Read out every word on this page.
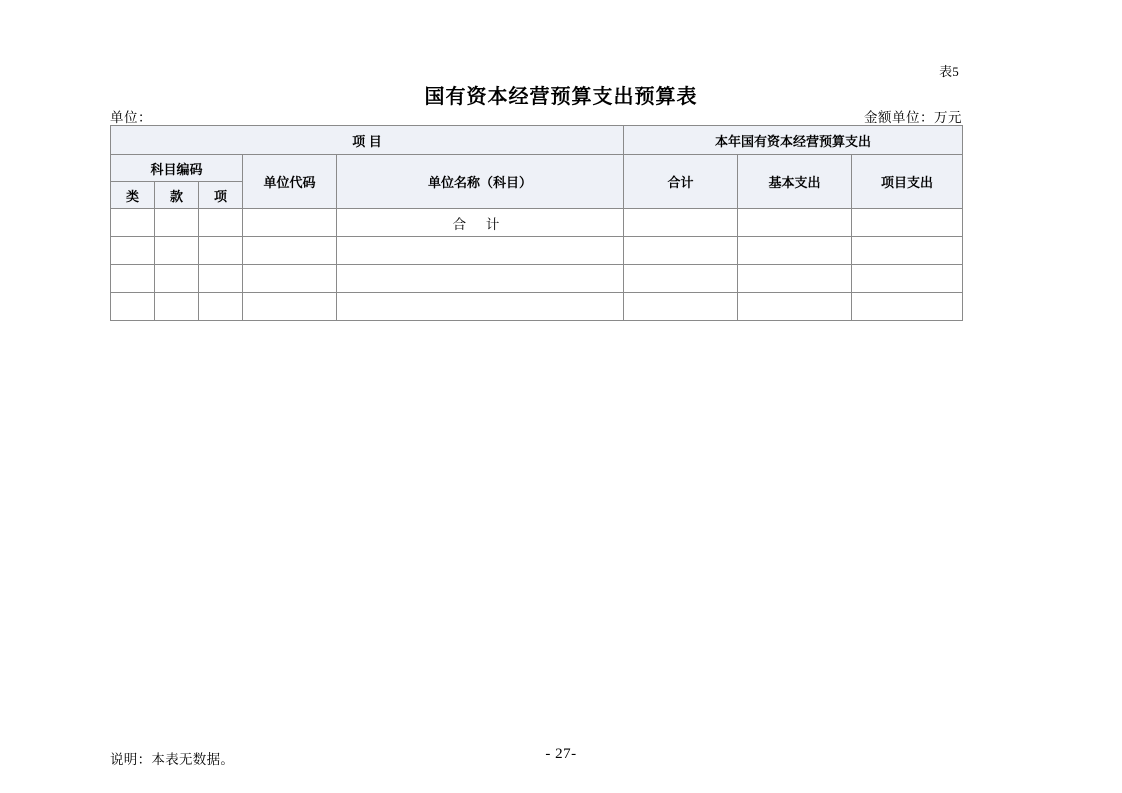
表5
国有资本经营预算支出预算表
单位：	金额单位：万元
项 目					本年国有资本经营预算支出		
科目编码			单位代码	单位名称（科目）	合计	基本支出	项目支出
类	款	项					
				合 计			

说明：本表无数据。	- 27-
